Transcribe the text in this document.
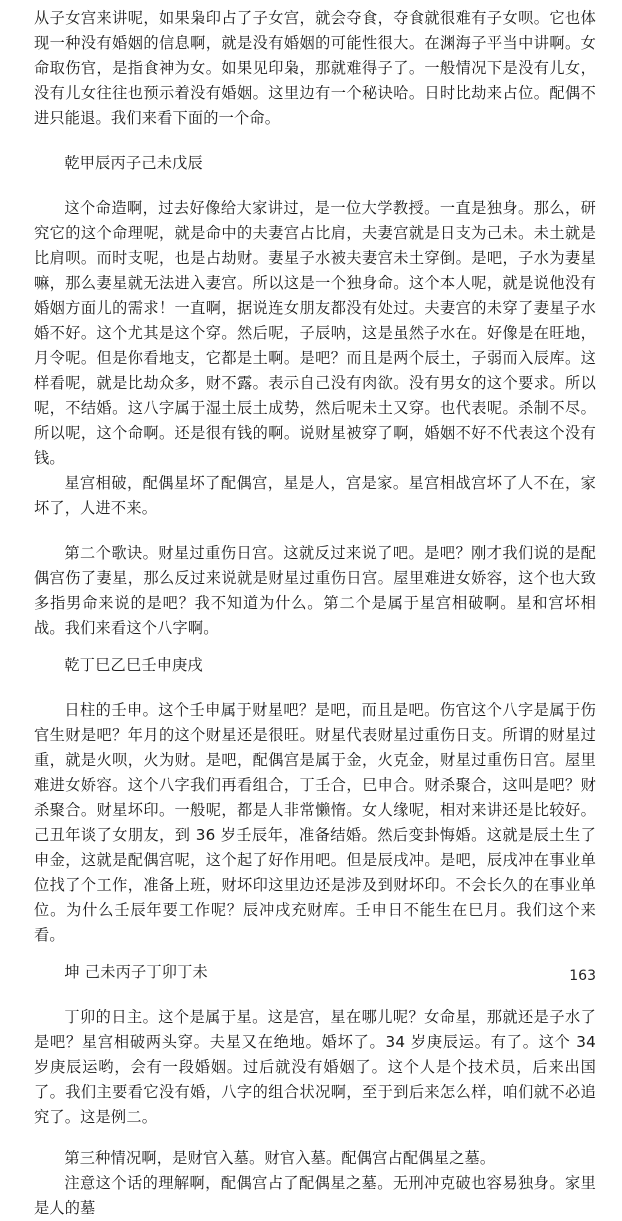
从子女宫来讲呢，如果枭印占了子女宫，就会夺食，夺食就很难有子女呗。它也体现一种没有婚姻的信息啊，就是没有婚姻的可能性很大。在渊海子平当中讲啊。女命取伤官，是指食神为女。如果见印枭，那就难得子了。一般情况下是没有儿女，没有儿女往往也预示着没有婚姻。这里边有一个秘诀哈。日时比劫来占位。配偶不进只能退。我们来看下面的一个命。

乾甲辰丙子己未戊辰

这个命造啊，过去好像给大家讲过，是一位大学教授。一直是独身。那么，研究它的这个命理呢，就是命中的夫妻宫占比肩，夫妻宫就是日支为己未。未土就是比肩呗。而时支呢，也是占劫财。妻星子水被夫妻宫未土穿倒。是吧，子水为妻星嘛，那么妻星就无法进入妻宫。所以这是一个独身命。这个本人呢，就是说他没有婚姻方面儿的需求！一直啊，据说连女朋友都没有处过。夫妻宫的未穿了妻星子水婚不好。这个尤其是这个穿。然后呢，子辰呐，这是虽然子水在。好像是在旺地，月令呢。但是你看地支，它都是土啊。是吧？而且是两个辰土，子弱而入辰库。这样看呢，就是比劫众多，财不露。表示自己没有肉欲。没有男女的这个要求。所以呢，不结婚。这八字属于湿土辰土成势，然后呢未土又穿。也代表呢。杀制不尽。所以呢，这个命啊。还是很有钱的啊。说财星被穿了啊，婚姻不好不代表这个没有钱。

星宫相破，配偶星坏了配偶宫，星是人，宫是家。星宫相战宫坏了人不在，家坏了，人进不来。

第二个歌诀。财星过重伤日宫。这就反过来说了吧。是吧？刚才我们说的是配偶宫伤了妻星，那么反过来说就是财星过重伤日宫。屋里难进女娇容，这个也大致多指男命来说的是吧？我不知道为什么。第二个是属于星宫相破啊。星和宫坏相战。我们来看这个八字啊。

乾丁巳乙巳壬申庚戌

日柱的壬申。这个壬申属于财星吧？是吧，而且是吧。伤官这个八字是属于伤官生财是吧？年月的这个财星还是很旺。财星代表财星过重伤日支。所谓的财星过重，就是火呗，火为财。是吧，配偶宫是属于金，火克金，财星过重伤日宫。屋里难进女娇容。这个八字我们再看组合，丁壬合，巳申合。财杀聚合，这叫是吧？财杀聚合。财星坏印。一般呢，都是人非常懒惰。女人缘呢，相对来讲还是比较好。己丑年谈了女朋友，到 36 岁壬辰年，准备结婚。然后变卦悔婚。这就是辰土生了申金，这就是配偶宫呢，这个起了好作用吧。但是辰戌冲。是吧，辰戌冲在事业单位找了个工作，准备上班，财坏印这里边还是涉及到财坏印。不会长久的在事业单位。为什么壬辰年要工作呢？辰冲戌充财库。壬申日不能生在巳月。我们这个来看。

坤 己未丙子丁卯丁未

丁卯的日主。这个是属于星。这是宫，星在哪儿呢？女命星，那就还是子水了是吧？星宫相破两头穿。夫星又在绝地。婚坏了。34 岁庚辰运。有了。这个 34 岁庚辰运哟，会有一段婚姻。过后就没有婚姻了。这个人是个技术员，后来出国了。我们主要看它没有婚，八字的组合状况啊，至于到后来怎么样，咱们就不必追究了。这是例二。

第三种情况啊，是财官入墓。财官入墓。配偶宫占配偶星之墓。

注意这个话的理解啊，配偶宫占了配偶星之墓。无刑冲克破也容易独身。家里是人的墓

163
